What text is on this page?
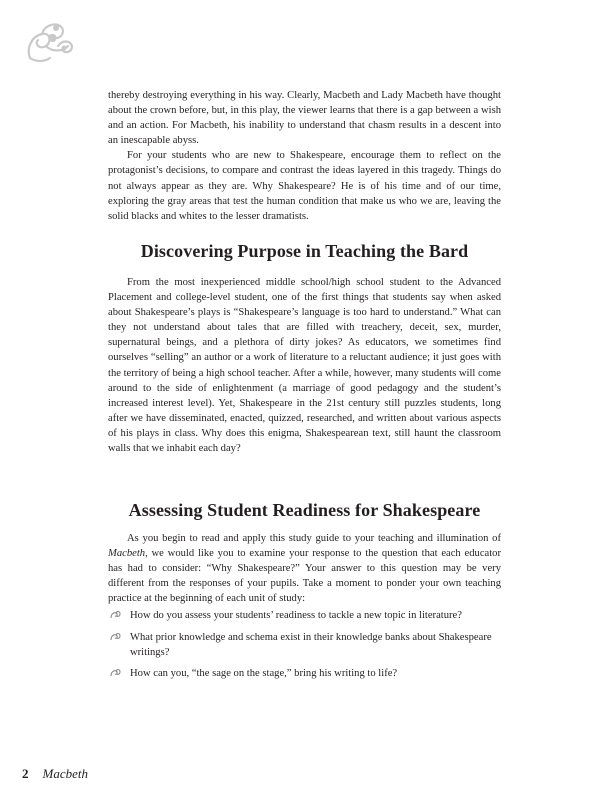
thereby destroying everything in his way. Clearly, Macbeth and Lady Macbeth have thought about the crown before, but, in this play, the viewer learns that there is a gap between a wish and an action. For Macbeth, his inability to understand that chasm results in a descent into an inescapable abyss.

For your students who are new to Shakespeare, encourage them to reflect on the protagonist’s decisions, to compare and contrast the ideas layered in this tragedy. Things do not always appear as they are. Why Shakespeare? He is of his time and of our time, exploring the gray areas that test the human condition that make us who we are, leaving the solid blacks and whites to the lesser dramatists.

Discovering Purpose in Teaching the Bard

From the most inexperienced middle school/high school student to the Advanced Placement and college-level student, one of the first things that students say when asked about Shakespeare’s plays is “Shakespeare’s language is too hard to understand.” What can they not understand about tales that are filled with treachery, deceit, sex, murder, supernatural beings, and a plethora of dirty jokes? As educators, we sometimes find ourselves “selling” an author or a work of literature to a reluctant audience; it just goes with the territory of being a high school teacher. After a while, however, many students will come around to the side of enlightenment (a marriage of good pedagogy and the student’s increased interest level). Yet, Shakespeare in the 21st century still puzzles students, long after we have disseminated, enacted, quizzed, researched, and written about various aspects of his plays in class. Why does this enigma, Shakespearean text, still haunt the classroom walls that we inhabit each day?

Assessing Student Readiness for Shakespeare

As you begin to read and apply this study guide to your teaching and illumination of Macbeth, we would like you to examine your response to the question that each educator has had to consider: “Why Shakespeare?” Your answer to this question may be very different from the responses of your pupils. Take a moment to ponder your own teaching practice at the beginning of each unit of study:

How do you assess your students’ readiness to tackle a new topic in literature?
What prior knowledge and schema exist in their knowledge banks about Shakespeare writings?
How can you, “the sage on the stage,” bring his writing to life?
2 Macbeth
